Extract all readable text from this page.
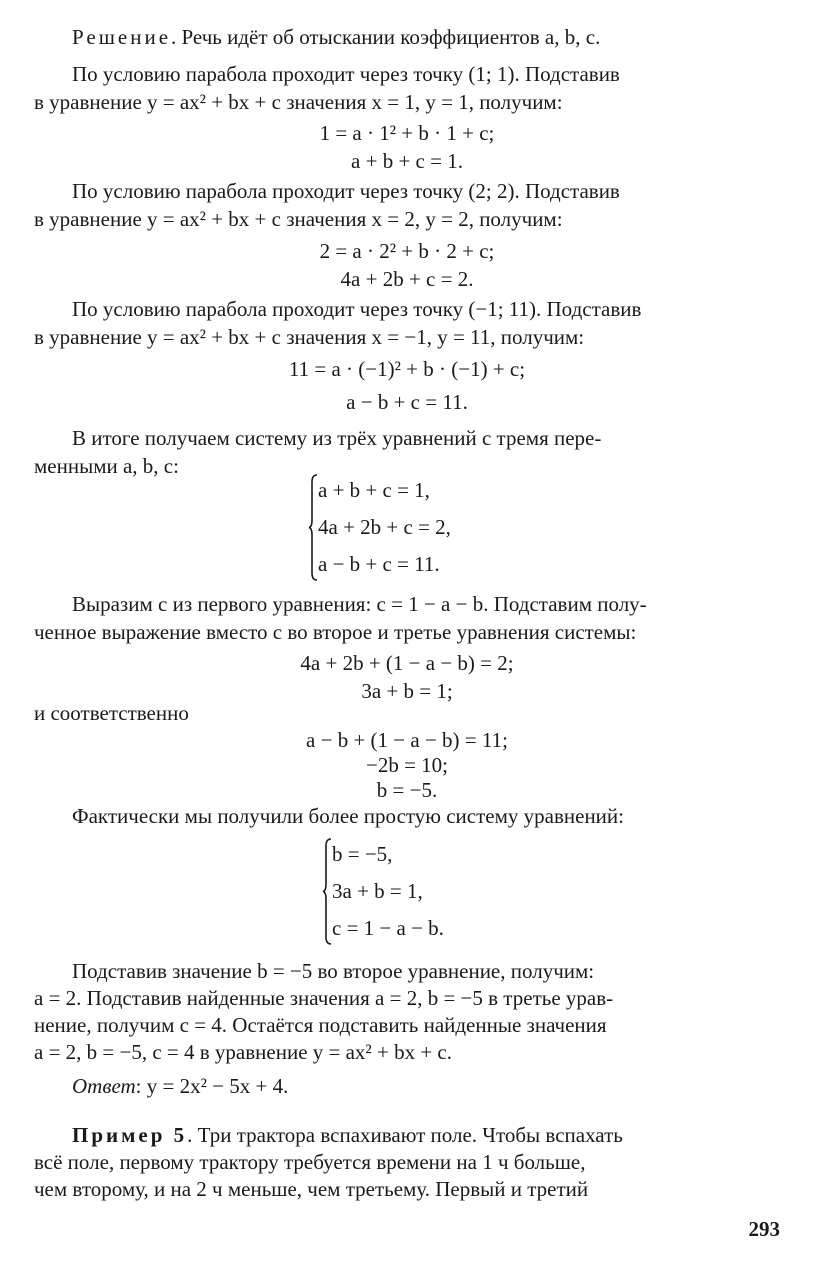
Решение. Речь идёт об отыскании коэффициентов a, b, c.
По условию парабола проходит через точку (1; 1). Подставив
в уравнение y = ax² + bx + c значения x = 1, y = 1, получим:
1 = a · 1² + b · 1 + c;
a + b + c = 1.
По условию парабола проходит через точку (2; 2). Подставив
в уравнение y = ax² + bx + c значения x = 2, y = 2, получим:
2 = a · 2² + b · 2 + c;
4a + 2b + c = 2.
По условию парабола проходит через точку (−1; 11). Подставив
в уравнение y = ax² + bx + c значения x = −1, y = 11, получим:
11 = a · (−1)² + b · (−1) + c;
a − b + c = 11.
В итоге получаем систему из трёх уравнений с тремя пере-
менными a, b, c:
a + b + c = 1,
4a + 2b + c = 2,
a − b + c = 11.
Выразим c из первого уравнения: c = 1 − a − b. Подставим полу-
ченное выражение вместо c во второе и третье уравнения системы:
4a + 2b + (1 − a − b) = 2;
3a + b = 1;
и соответственно
a − b + (1 − a − b) = 11;
−2b = 10;
b = −5.
Фактически мы получили более простую систему уравнений:
b = −5,
3a + b = 1,
c = 1 − a − b.
Подставив значение b = −5 во второе уравнение, получим:
a = 2. Подставив найденные значения a = 2, b = −5 в третье урав-
нение, получим c = 4. Остаётся подставить найденные значения
a = 2, b = −5, c = 4 в уравнение y = ax² + bx + c.
Ответ: y = 2x² − 5x + 4.
Пример 5. Три трактора вспахивают поле. Чтобы вспахать
всё поле, первому трактору требуется времени на 1 ч больше,
чем второму, и на 2 ч меньше, чем третьему. Первый и третий
293
